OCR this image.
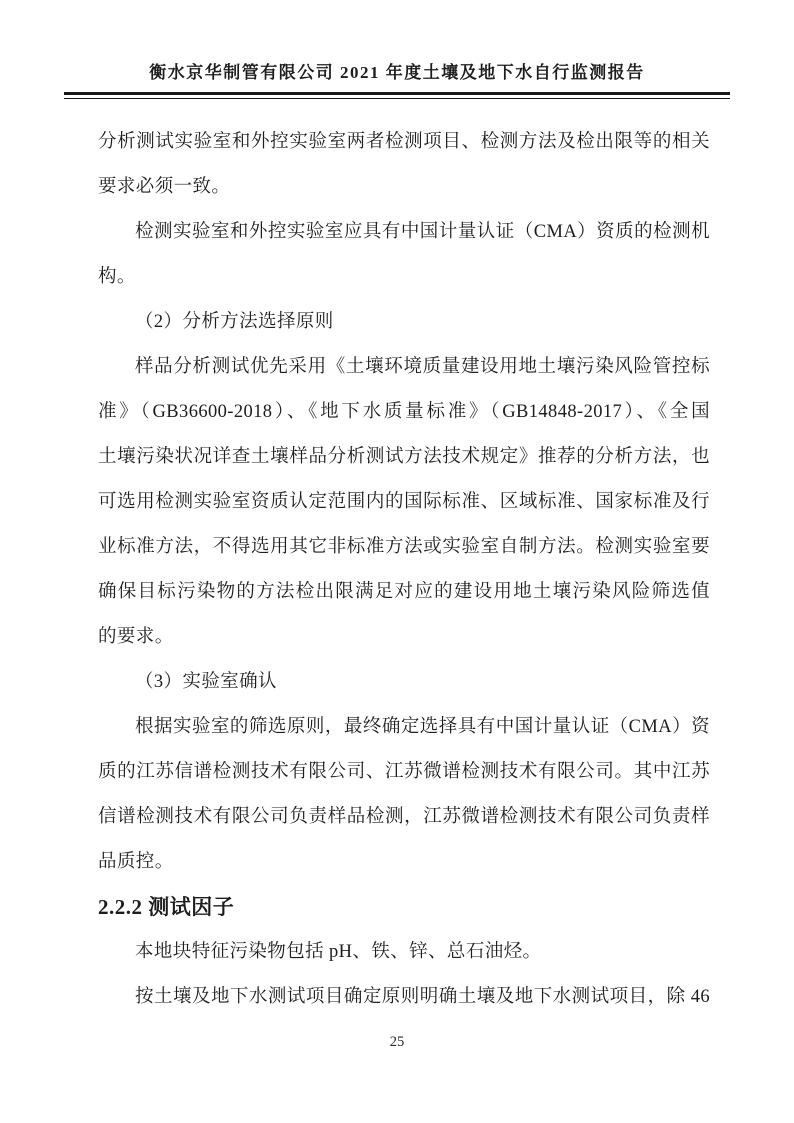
衡水京华制管有限公司 2021 年度土壤及地下水自行监测报告
分析测试实验室和外控实验室两者检测项目、检测方法及检出限等的相关
要求必须一致。
检测实验室和外控实验室应具有中国计量认证（CMA）资质的检测机
构。
（2）分析方法选择原则
样品分析测试优先采用《土壤环境质量建设用地土壤污染风险管控标
准》（GB36600-2018）、《地下水质量标准》（GB14848-2017）、《全国
土壤污染状况详查土壤样品分析测试方法技术规定》推荐的分析方法，也
可选用检测实验室资质认定范围内的国际标准、区域标准、国家标准及行
业标准方法，不得选用其它非标准方法或实验室自制方法。检测实验室要
确保目标污染物的方法检出限满足对应的建设用地土壤污染风险筛选值
的要求。
（3）实验室确认
根据实验室的筛选原则，最终确定选择具有中国计量认证（CMA）资
质的江苏信谱检测技术有限公司、江苏微谱检测技术有限公司。其中江苏
信谱检测技术有限公司负责样品检测，江苏微谱检测技术有限公司负责样
品质控。
2.2.2 测试因子
本地块特征污染物包括 pH、铁、锌、总石油烃。
按土壤及地下水测试项目确定原则明确土壤及地下水测试项目，除 46
25
